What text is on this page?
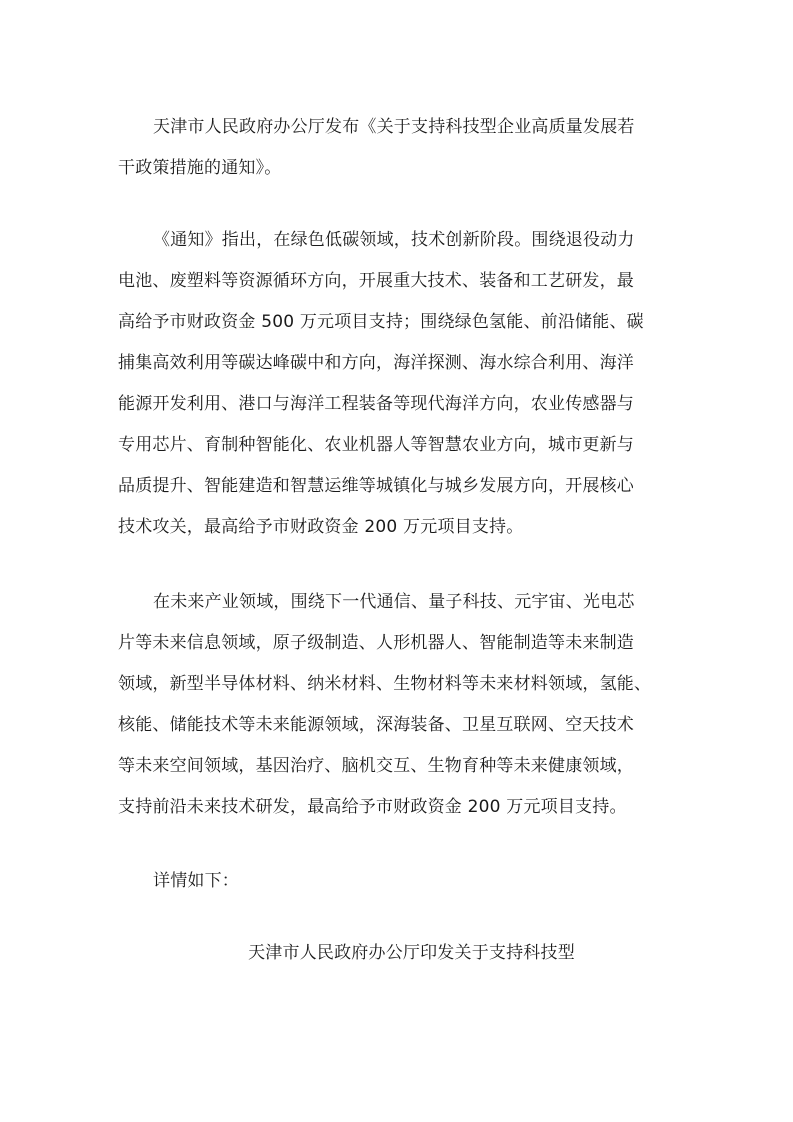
天津市人民政府办公厅发布《关于支持科技型企业高质量发展若
干政策措施的通知》。
《通知》指出，在绿色低碳领域，技术创新阶段。围绕退役动力
电池、废塑料等资源循环方向，开展重大技术、装备和工艺研发，最
高给予市财政资金 500 万元项目支持；围绕绿色氢能、前沿储能、碳
捕集高效利用等碳达峰碳中和方向，海洋探测、海水综合利用、海洋
能源开发利用、港口与海洋工程装备等现代海洋方向，农业传感器与
专用芯片、育制种智能化、农业机器人等智慧农业方向，城市更新与
品质提升、智能建造和智慧运维等城镇化与城乡发展方向，开展核心
技术攻关，最高给予市财政资金 200 万元项目支持。
在未来产业领域，围绕下一代通信、量子科技、元宇宙、光电芯
片等未来信息领域，原子级制造、人形机器人、智能制造等未来制造
领域，新型半导体材料、纳米材料、生物材料等未来材料领域，氢能、
核能、储能技术等未来能源领域，深海装备、卫星互联网、空天技术
等未来空间领域，基因治疗、脑机交互、生物育种等未来健康领域，
支持前沿未来技术研发，最高给予市财政资金 200 万元项目支持。
详情如下：
天津市人民政府办公厅印发关于支持科技型
